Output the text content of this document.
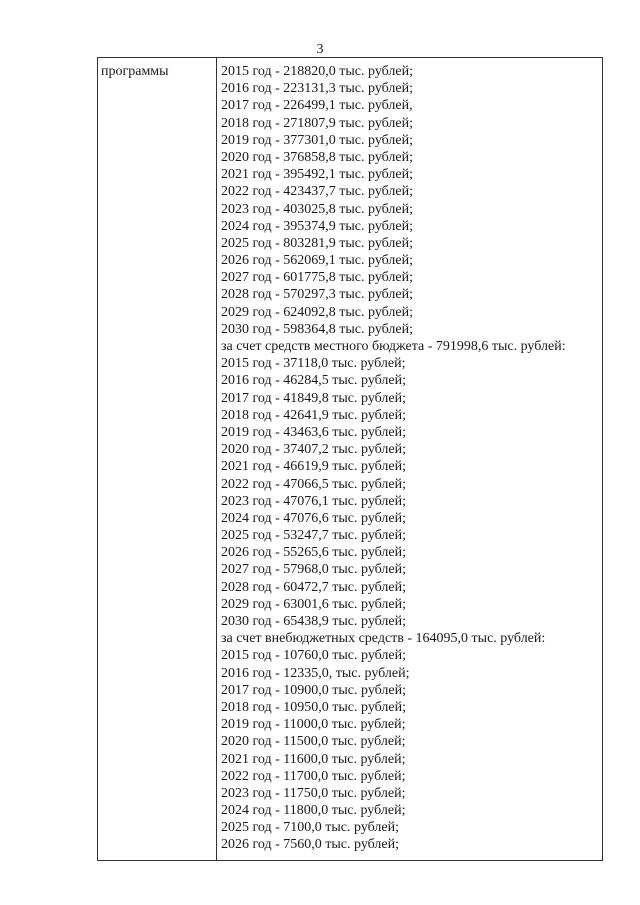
3
программы	2015 год - 218820,0 тыс. рублей;
2016 год - 223131,3 тыс. рублей;
2017 год - 226499,1 тыс. рублей,
2018 год - 271807,9 тыс. рублей;
2019 год - 377301,0 тыс. рублей;
2020 год - 376858,8 тыс. рублей;
2021 год - 395492,1 тыс. рублей;
2022 год - 423437,7 тыс. рублей;
2023 год - 403025,8 тыс. рублей;
2024 год - 395374,9 тыс. рублей;
2025 год - 803281,9 тыс. рублей;
2026 год - 562069,1 тыс. рублей;
2027 год - 601775,8 тыс. рублей;
2028 год - 570297,3 тыс. рублей;
2029 год - 624092,8 тыс. рублей;
2030 год - 598364,8 тыс. рублей;
за счет средств местного бюджета - 791998,6 тыс. рублей:
2015 год - 37118,0 тыс. рублей;
2016 год - 46284,5 тыс. рублей;
2017 год - 41849,8 тыс. рублей;
2018 год - 42641,9 тыс. рублей;
2019 год - 43463,6 тыс. рублей;
2020 год - 37407,2 тыс. рублей;
2021 год - 46619,9 тыс. рублей;
2022 год - 47066,5 тыс. рублей;
2023 год - 47076,1 тыс. рублей;
2024 год - 47076,6 тыс. рублей;
2025 год - 53247,7 тыс. рублей;
2026 год - 55265,6 тыс. рублей;
2027 год - 57968,0 тыс. рублей;
2028 год - 60472,7 тыс. рублей;
2029 год - 63001,6 тыс. рублей;
2030 год - 65438,9 тыс. рублей;
за счет внебюджетных средств - 164095,0 тыс. рублей:
2015 год - 10760,0 тыс. рублей;
2016 год - 12335,0, тыс. рублей;
2017 год - 10900,0 тыс. рублей;
2018 год - 10950,0 тыс. рублей;
2019 год - 11000,0 тыс. рублей;
2020 год - 11500,0 тыс. рублей;
2021 год - 11600,0 тыс. рублей;
2022 год - 11700,0 тыс. рублей;
2023 год - 11750,0 тыс. рублей;
2024 год - 11800,0 тыс. рублей;
2025 год - 7100,0 тыс. рублей;
2026 год - 7560,0 тыс. рублей;
